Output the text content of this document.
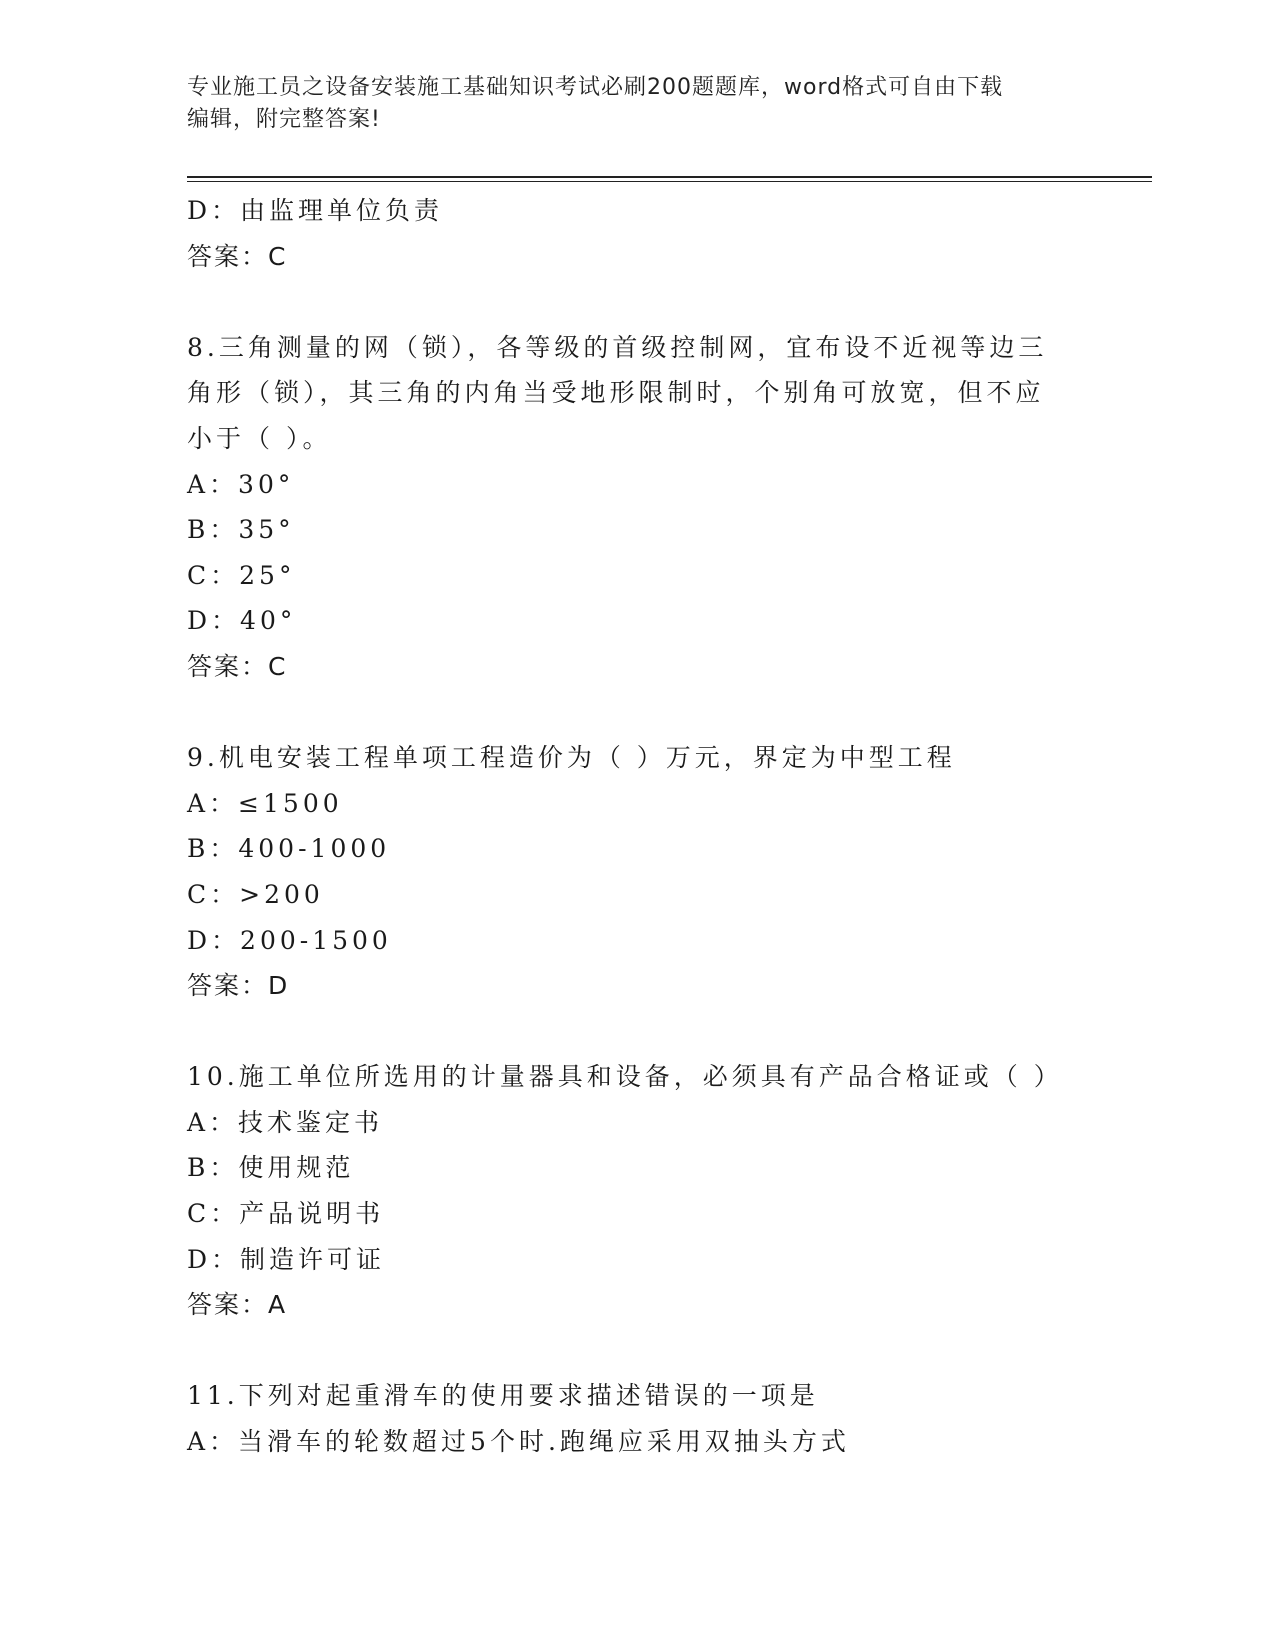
专业施工员之设备安装施工基础知识考试必刷200题题库，word格式可自由下载
编辑，附完整答案!
D：由监理单位负责
答案：C
8.三角测量的网（锁），各等级的首级控制网，宜布设不近视等边三
角形（锁），其三角的内角当受地形限制时，个别角可放宽，但不应
小于（ ）。
A：30°
B：35°
C：25°
D：40°
答案：C
9.机电安装工程单项工程造价为（ ）万元，界定为中型工程
A：≤1500
B：400-1000
C：>200
D：200-1500
答案：D
10.施工单位所选用的计量器具和设备，必须具有产品合格证或（ ）
A：技术鉴定书
B：使用规范
C：产品说明书
D：制造许可证
答案：A
11.下列对起重滑车的使用要求描述错误的一项是
A：当滑车的轮数超过5个时.跑绳应采用双抽头方式
